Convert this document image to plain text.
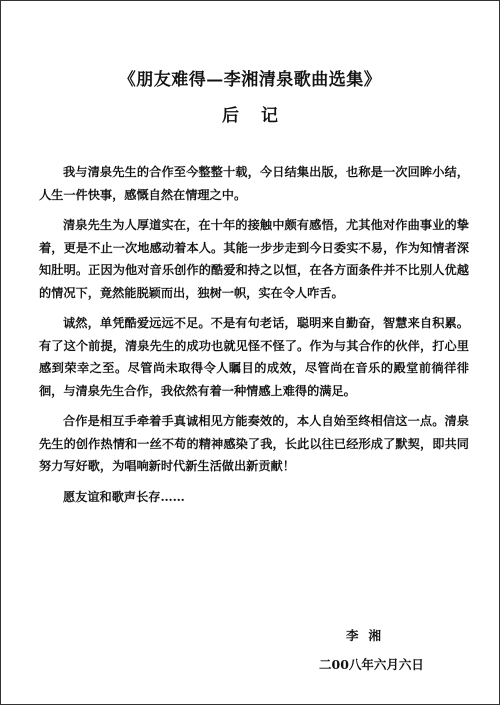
《朋友难得—李湘清泉歌曲选集》
后记

我与清泉先生的合作至今整整十载，今日结集出版，也称是一次回眸小结，人生一件快事，感慨自然在情理之中。

清泉先生为人厚道实在，在十年的接触中颇有感悟，尤其他对作曲事业的挚着，更是不止一次地感动着本人。其能一步步走到今日委实不易，作为知情者深知肚明。正因为他对音乐创作的酷爱和持之以恒，在各方面条件并不比别人优越的情况下，竟然能脱颖而出，独树一帜，实在令人咋舌。

诚然，单凭酷爱远远不足。不是有句老话，聪明来自勤奋，智慧来自积累。有了这个前提，清泉先生的成功也就见怪不怪了。作为与其合作的伙伴，打心里感到荣幸之至。尽管尚未取得令人瞩目的成效，尽管尚在音乐的殿堂前徜徉徘徊，与清泉先生合作，我依然有着一种情感上难得的满足。

合作是相互手牵着手真诚相见方能奏效的，本人自始至终相信这一点。清泉先生的创作热情和一丝不苟的精神感染了我，长此以往已经形成了默契，即共同努力写好歌，为唱响新时代新生活做出新贡献！

愿友谊和歌声长存……

李湘
二00八年六月六日
